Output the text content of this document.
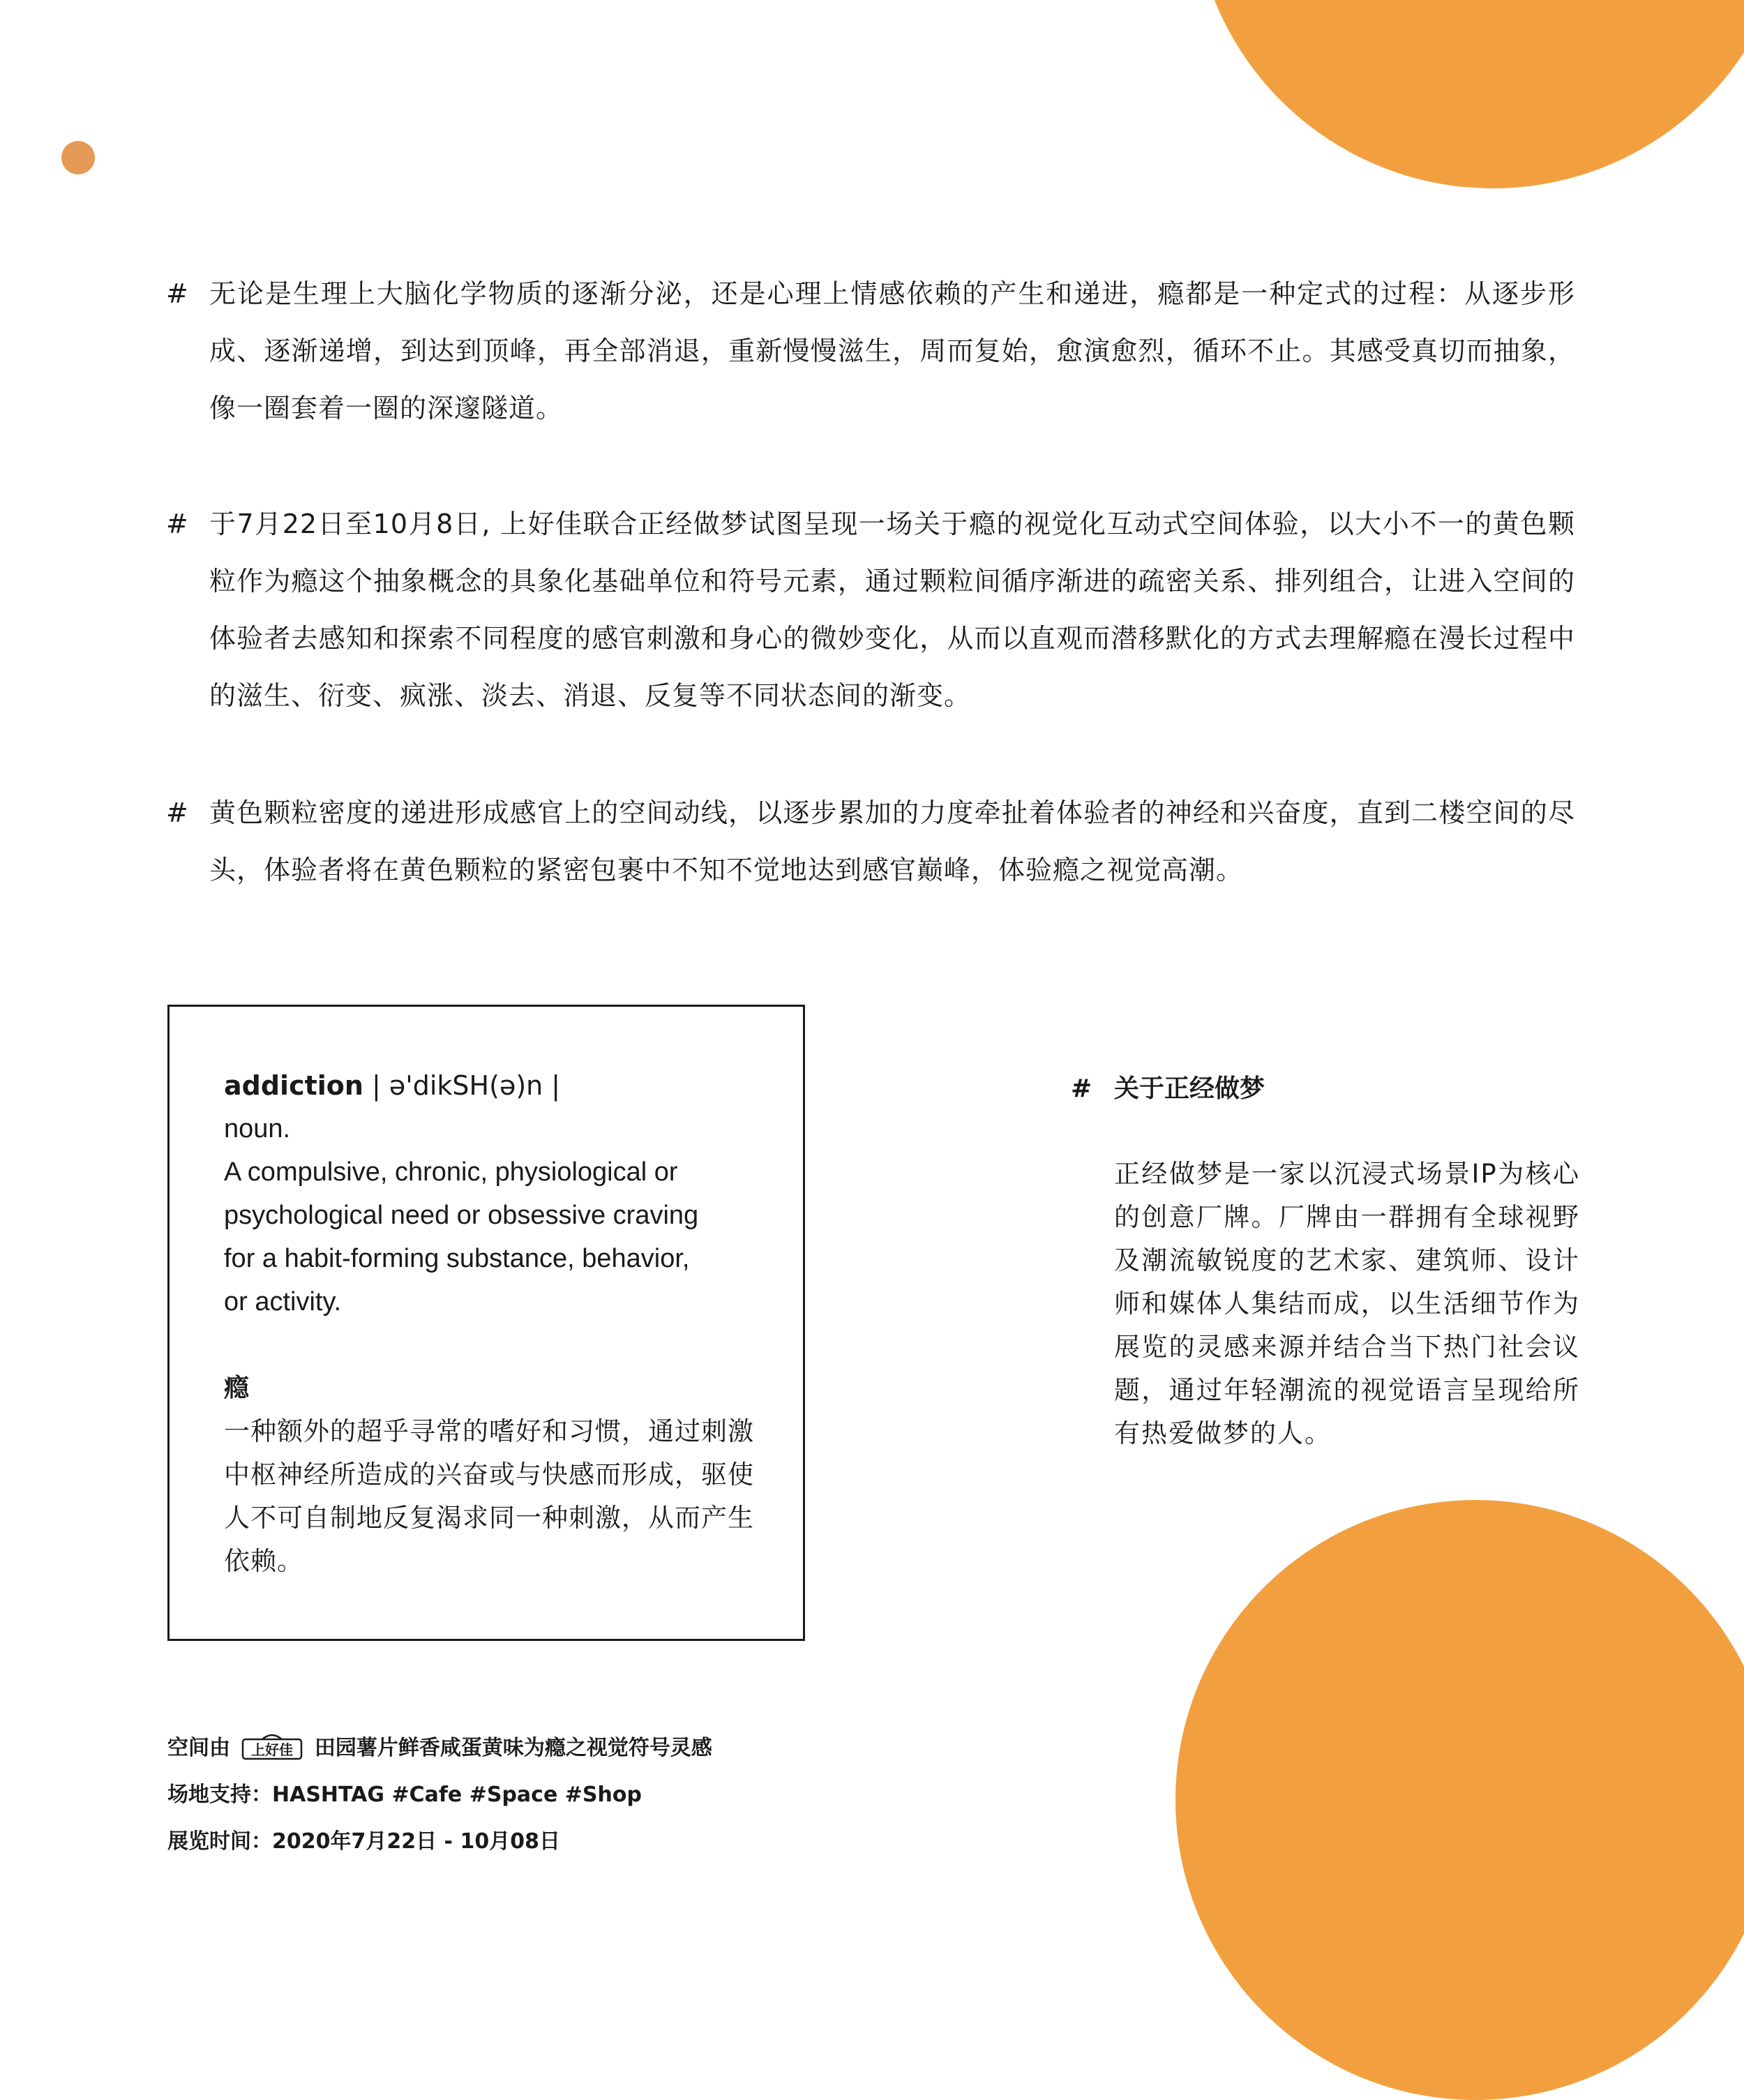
# 无论是生理上大脑化学物质的逐渐分泌，还是心理上情感依赖的产生和递进，瘾都是一种定式的过程：从逐步形成、逐渐递增，到达到顶峰，再全部消退，重新慢慢滋生，周而复始，愈演愈烈，循环不止。其感受真切而抽象，像一圈套着一圈的深邃隧道。
# 于7月22日至10月8日, 上好佳联合正经做梦试图呈现一场关于瘾的视觉化互动式空间体验，以大小不一的黄色颗粒作为瘾这个抽象概念的具象化基础单位和符号元素，通过颗粒间循序渐进的疏密关系、排列组合，让进入空间的体验者去感知和探索不同程度的感官刺激和身心的微妙变化，从而以直观而潜移默化的方式去理解瘾在漫长过程中的滋生、衍变、疯涨、淡去、消退、反复等不同状态间的渐变。
# 黄色颗粒密度的递进形成感官上的空间动线，以逐步累加的力度牵扯着体验者的神经和兴奋度，直到二楼空间的尽头，体验者将在黄色颗粒的紧密包裹中不知不觉地达到感官巅峰，体验瘾之视觉高潮。
addiction | ə'dikSH(ə)n |
noun.
A compulsive, chronic, physiological or
psychological need or obsessive craving
for a habit-forming substance, behavior,
or activity.
瘾
一种额外的超乎寻常的嗜好和习惯，通过刺激
中枢神经所造成的兴奋或与快感而形成，驱使
人不可自制地反复渴求同一种刺激，从而产生
依赖。
# 关于正经做梦
正经做梦是一家以沉浸式场景IP为核心的创意厂牌。厂牌由一群拥有全球视野及潮流敏锐度的艺术家、建筑师、设计师和媒体人集结而成，以生活细节作为展览的灵感来源并结合当下热门社会议题，通过年轻潮流的视觉语言呈现给所有热爱做梦的人。
空间由 上好佳 田园薯片鲜香咸蛋黄味为瘾之视觉符号灵感
场地支持：HASHTAG #Cafe #Space #Shop
展览时间：2020年7月22日 - 10月08日
